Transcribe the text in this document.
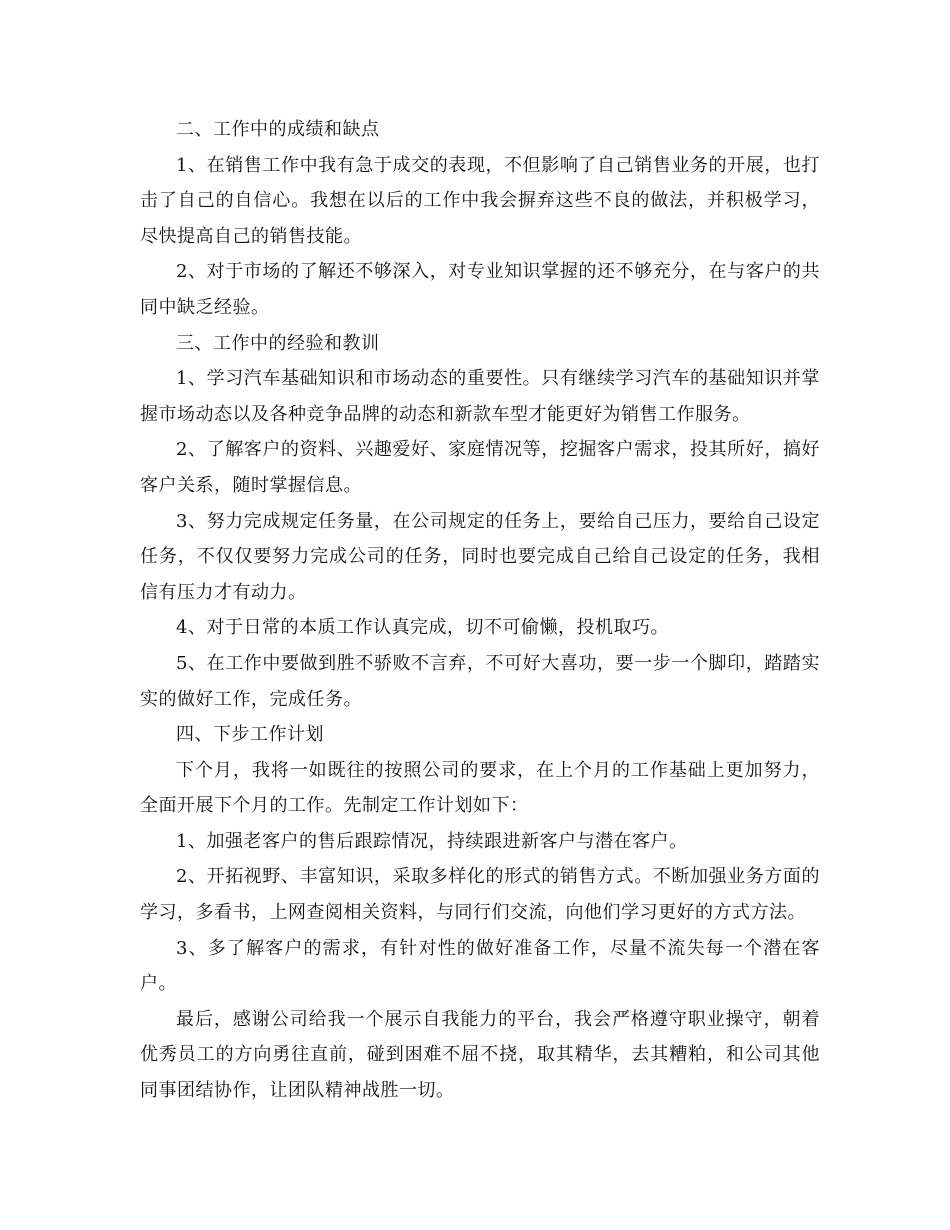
二、工作中的成绩和缺点

1、在销售工作中我有急于成交的表现，不但影响了自己销售业务的开展，也打击了自己的自信心。我想在以后的工作中我会摒弃这些不良的做法，并积极学习，尽快提高自己的销售技能。

2、对于市场的了解还不够深入，对专业知识掌握的还不够充分，在与客户的共同中缺乏经验。

三、工作中的经验和教训

1、学习汽车基础知识和市场动态的重要性。只有继续学习汽车的基础知识并掌握市场动态以及各种竞争品牌的动态和新款车型才能更好为销售工作服务。

2、了解客户的资料、兴趣爱好、家庭情况等，挖掘客户需求，投其所好，搞好客户关系，随时掌握信息。

3、努力完成规定任务量，在公司规定的任务上，要给自己压力，要给自己设定任务，不仅仅要努力完成公司的任务，同时也要完成自己给自己设定的任务，我相信有压力才有动力。

4、对于日常的本质工作认真完成，切不可偷懒，投机取巧。

5、在工作中要做到胜不骄败不言弃，不可好大喜功，要一步一个脚印，踏踏实实的做好工作，完成任务。

四、下步工作计划

下个月，我将一如既往的按照公司的要求，在上个月的工作基础上更加努力，全面开展下个月的工作。先制定工作计划如下：

1、加强老客户的售后跟踪情况，持续跟进新客户与潜在客户。

2、开拓视野、丰富知识，采取多样化的形式的销售方式。不断加强业务方面的学习，多看书，上网查阅相关资料，与同行们交流，向他们学习更好的方式方法。

3、多了解客户的需求，有针对性的做好准备工作，尽量不流失每一个潜在客户。

最后，感谢公司给我一个展示自我能力的平台，我会严格遵守职业操守，朝着优秀员工的方向勇往直前，碰到困难不屈不挠，取其精华，去其糟粕，和公司其他同事团结协作，让团队精神战胜一切。
